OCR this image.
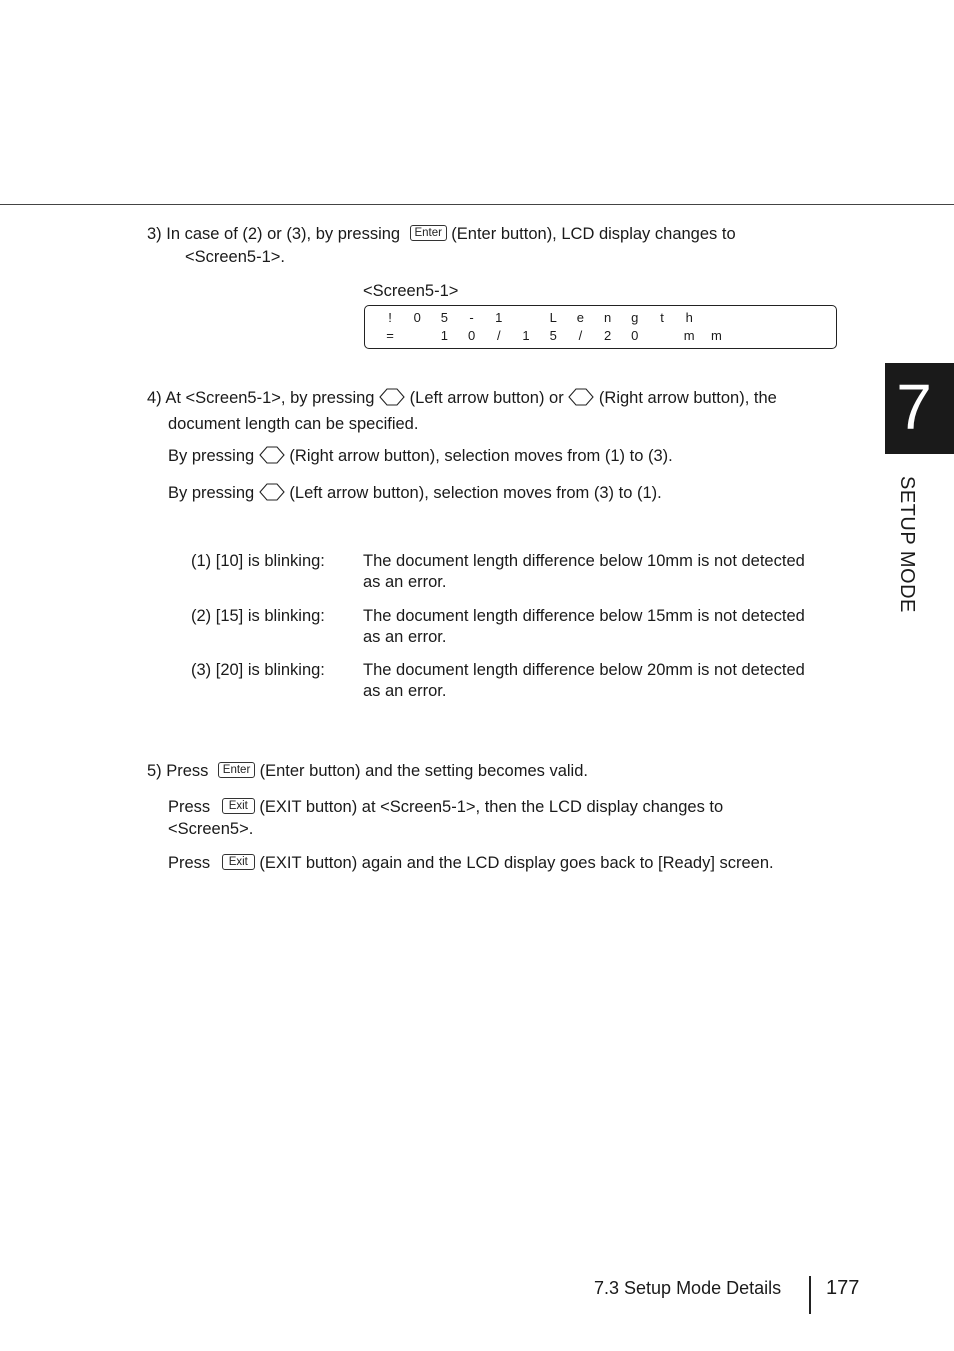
3) In case of (2) or (3), by pressing Enter (Enter button), LCD display changes to
<Screen5-1>.
<Screen5-1>
!	0 5	-	1	L e n g	t	h
=	1 0	/	1 5	/	2 0	m m
4) At <Screen5-1>, by pressing (Left arrow button) or (Right arrow button), the
document length can be specified.
By pressing (Right arrow button), selection moves from (1) to (3).
By pressing (Left arrow button), selection moves from (3) to (1).
(1) [10] is blinking: The document length difference below 10mm is not detected
as an error.
(2) [15] is blinking: The document length difference below 15mm is not detected
as an error.
(3) [20] is blinking: The document length difference below 20mm is not detected
as an error.
5) Press Enter (Enter button) and the setting becomes valid.
Press Exit (EXIT button) at <Screen5-1>, then the LCD display changes to
<Screen5>.
Press Exit (EXIT button) again and the LCD display goes back to [Ready] screen.
7
SETUP MODE
7.3 Setup Mode Details 177
